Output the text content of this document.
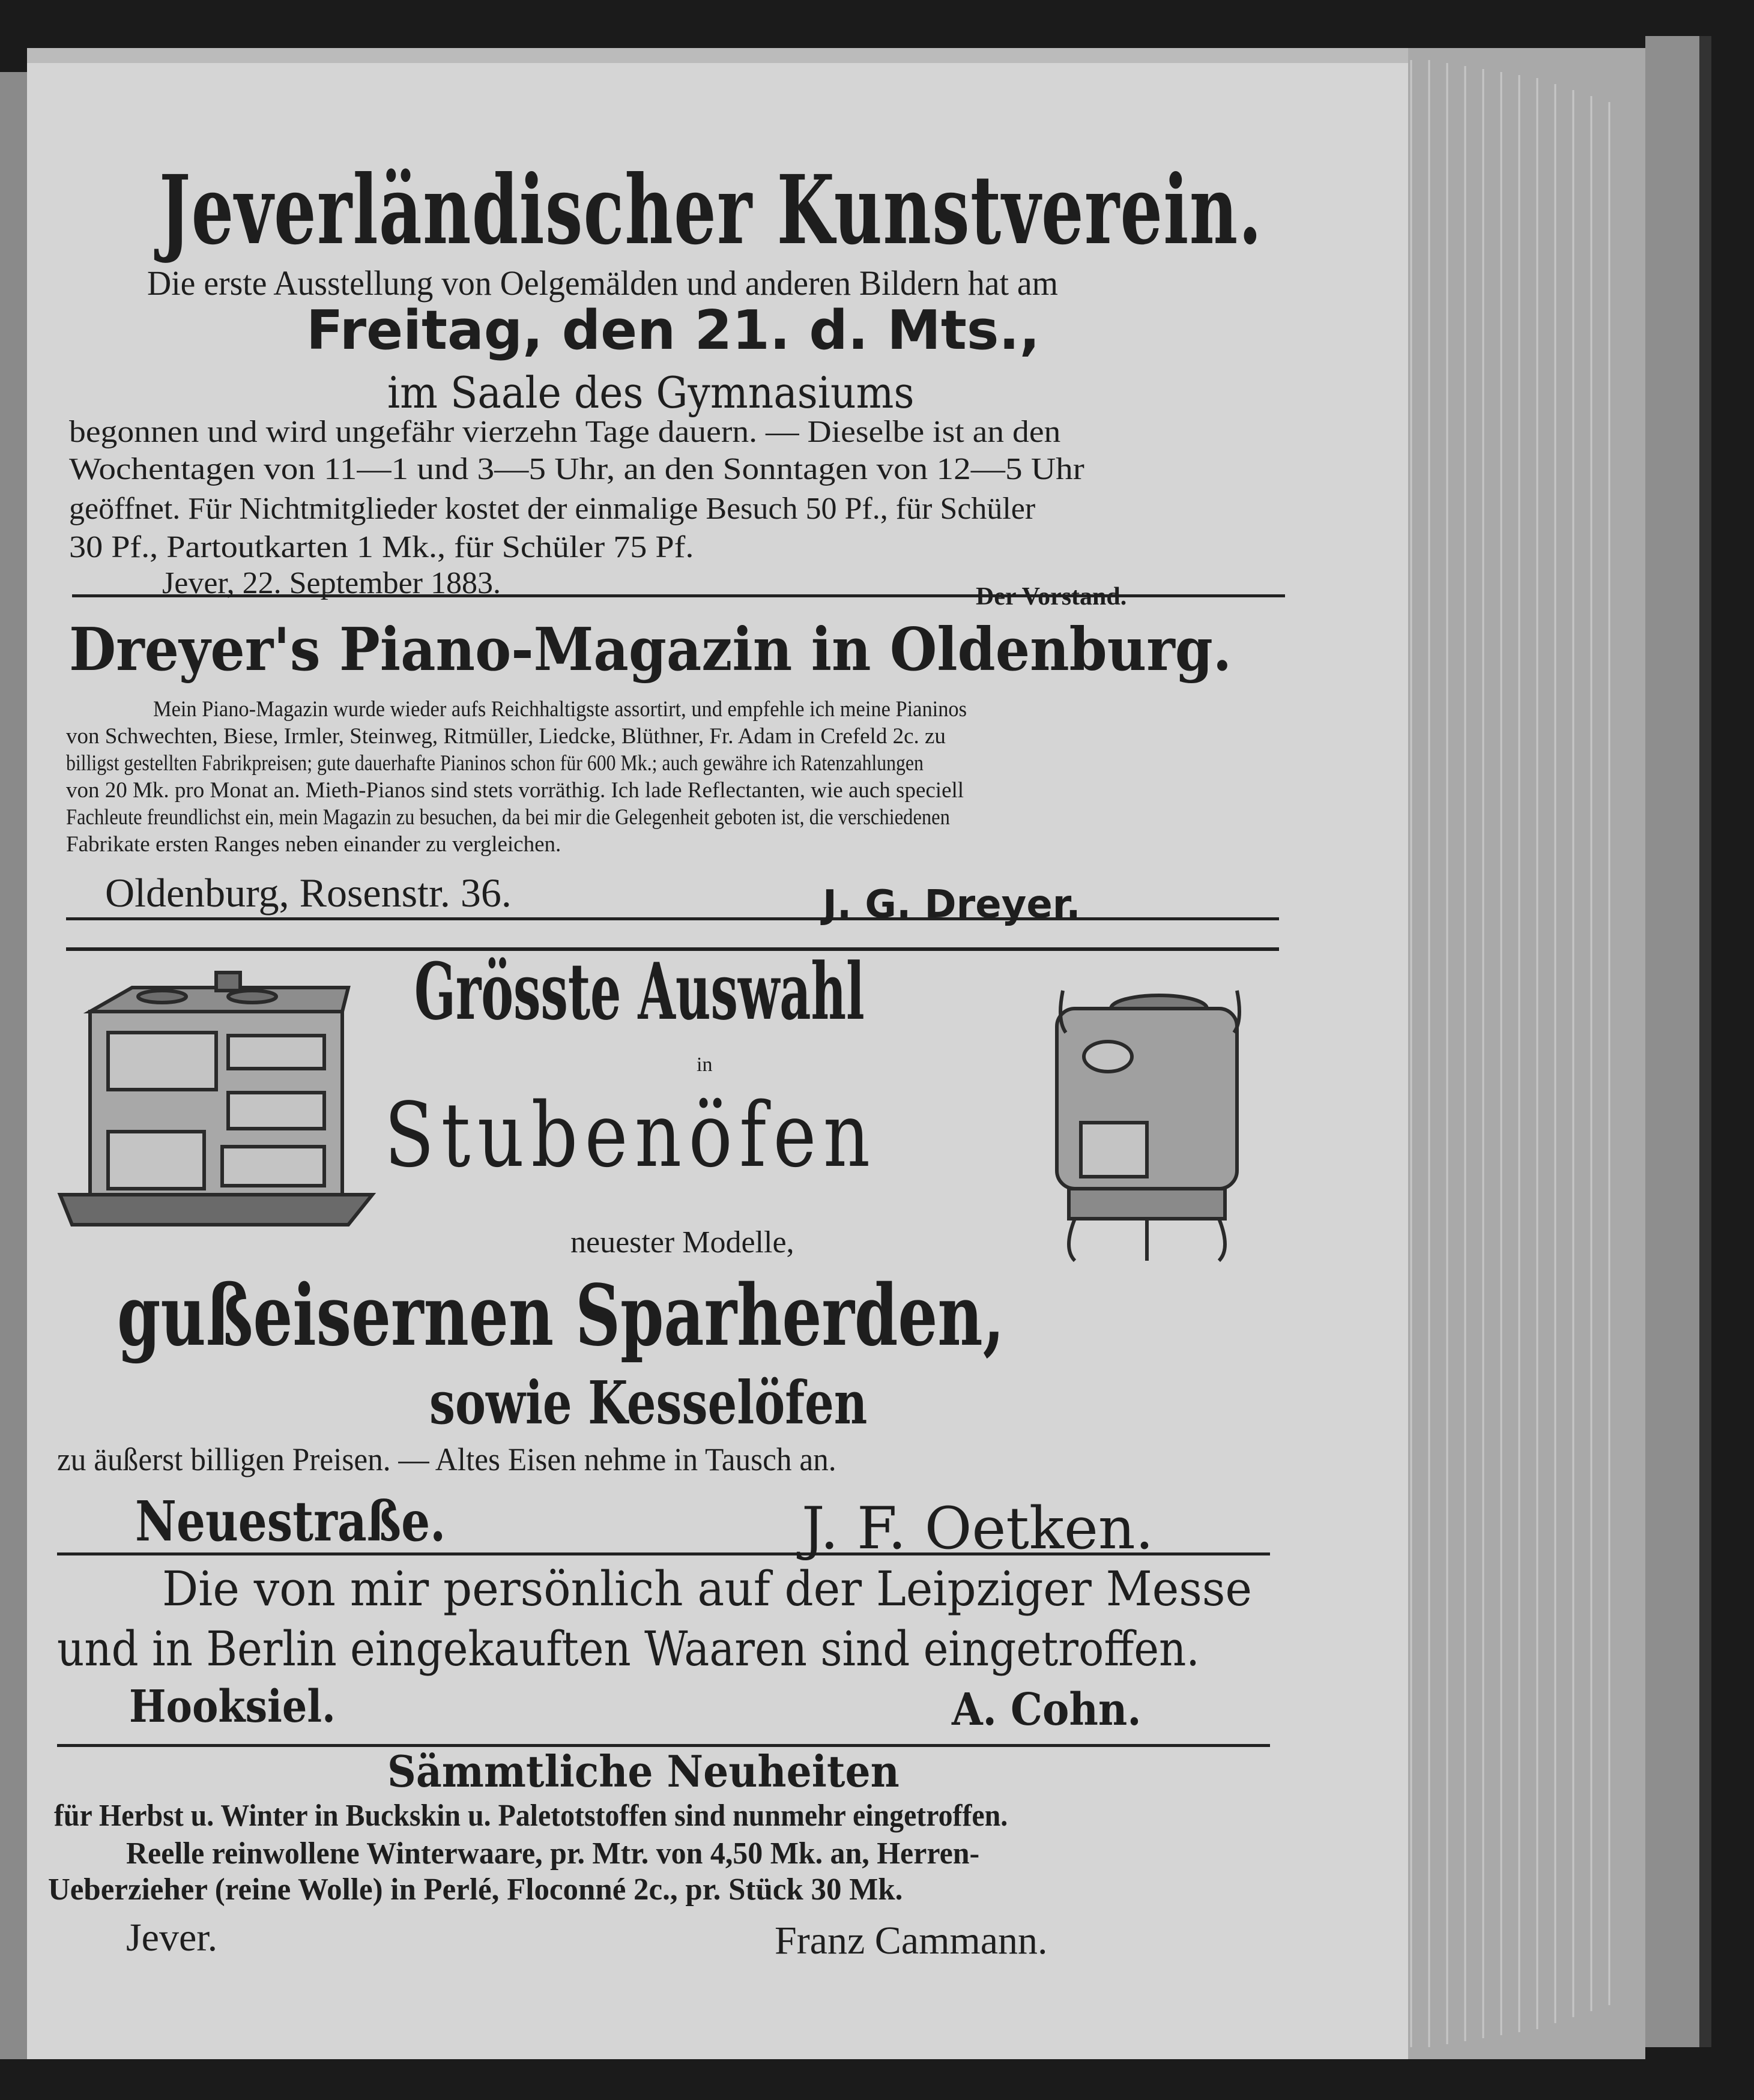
Jeverländischer Kunstverein.
Die erste Ausstellung von Oelgemälden und anderen Bildern hat am
Freitag, den 21. d. Mts.,
im Saale des Gymnasiums
begonnen und wird ungefähr vierzehn Tage dauern. — Dieselbe ist an den
Wochentagen von 11—1 und 3—5 Uhr, an den Sonntagen von 12—5 Uhr
geöffnet. Für Nichtmitglieder kostet der einmalige Besuch 50 Pf., für Schüler
30 Pf., Partoutkarten 1 Mk., für Schüler 75 Pf.
Jever, 22. September 1883.	Der Vorstand.
Dreyer's Piano-Magazin in Oldenburg.
Mein Piano-Magazin wurde wieder aufs Reichhaltigste assortirt, und empfehle ich meine Pianinos
von Schwechten, Biese, Irmler, Steinweg, Ritmüller, Liedcke, Blüthner, Fr. Adam in Crefeld 2c. zu
billigst gestellten Fabrikpreisen; gute dauerhafte Pianinos schon für 600 Mk.; auch gewähre ich Ratenzahlungen
von 20 Mk. pro Monat an. Mieth-Pianos sind stets vorräthig. Ich lade Reflectanten, wie auch speciell
Fachleute freundlichst ein, mein Magazin zu besuchen, da bei mir die Gelegenheit geboten ist, die verschiedenen
Fabrikate ersten Ranges neben einander zu vergleichen.
Oldenburg, Rosenstr. 36.	J. G. Dreyer.
Grösste Auswahl
in
Stubenöfen
neuester Modelle,
gußeisernen Sparherden,
sowie Kesselöfen
zu äußerst billigen Preisen. — Altes Eisen nehme in Tausch an.
Neuestraße.	J. F. Oetken.
Die von mir persönlich auf der Leipziger Messe
und in Berlin eingekauften Waaren sind eingetroffen.
Hooksiel.	A. Cohn.
Sämmtliche Neuheiten
für Herbst u. Winter in Buckskin u. Paletotstoffen sind nunmehr eingetroffen.
Reelle reinwollene Winterwaare, pr. Mtr. von 4,50 Mk. an, Herren-
Ueberzieher (reine Wolle) in Perlé, Floconné 2c., pr. Stück 30 Mk.
Jever.	Franz Cammann.
